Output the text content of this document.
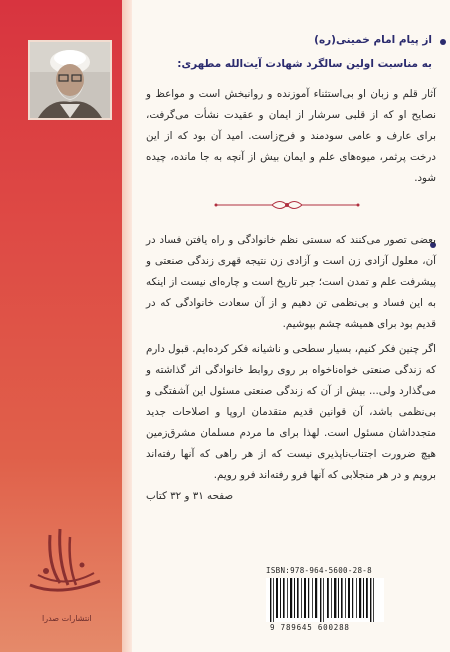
از پیام امام خمینی(ره)
به مناسبت اولین سالگرد شهادت آیت‌الله مطهری:

آثار قلم و زبان او بی‌استثناء آموزنده و روانبخش است و مواعظ و نصایح او که از قلبی سرشار از ایمان و عقیدت نشأت می‌گرفت، برای عارف و عامی سودمند و فرح‌زاست. امید آن بود که از این درخت پرثمر، میوه‌های علم و ایمان بیش از آنچه به جا مانده، چیده شود.

بعضی تصور می‌کنند که سستی نظم خانوادگی و راه یافتن فساد در آن، معلول آزادی زن است و آزادی زن نتیجه قهری زندگی صنعتی و پیشرفت علم و تمدن است؛ جبر تاریخ است و چاره‌ای نیست از اینکه به این فساد و بی‌نظمی تن دهیم و از آن سعادت خانوادگی که در قدیم بود برای همیشه چشم بپوشیم.

اگر چنین فکر کنیم، بسیار سطحی و ناشیانه فکر کرده‌ایم. قبول دارم که زندگی صنعتی خواه‌ناخواه بر روی روابط خانوادگی اثر گذاشته و می‌گذارد ولی... بیش از آن که زندگی صنعتی مسئول این آشفتگی و بی‌نظمی باشد، آن قوانین قدیم متقدمان اروپا و اصلاحات جدید متجدداشان مسئول است. لهذا برای ما مردم مسلمان مشرق‌زمین هیچ ضرورت اجتناب‌ناپذیری نیست که از هر راهی که آنها رفته‌اند برویم و در هر منجلابی که آنها فرو رفته‌اند فرو رویم.

صفحه ۳۱ و ۳۲ کتاب

انتشارات صدرا
ISBN:978-964-5600-28-8
9 789645 600288
